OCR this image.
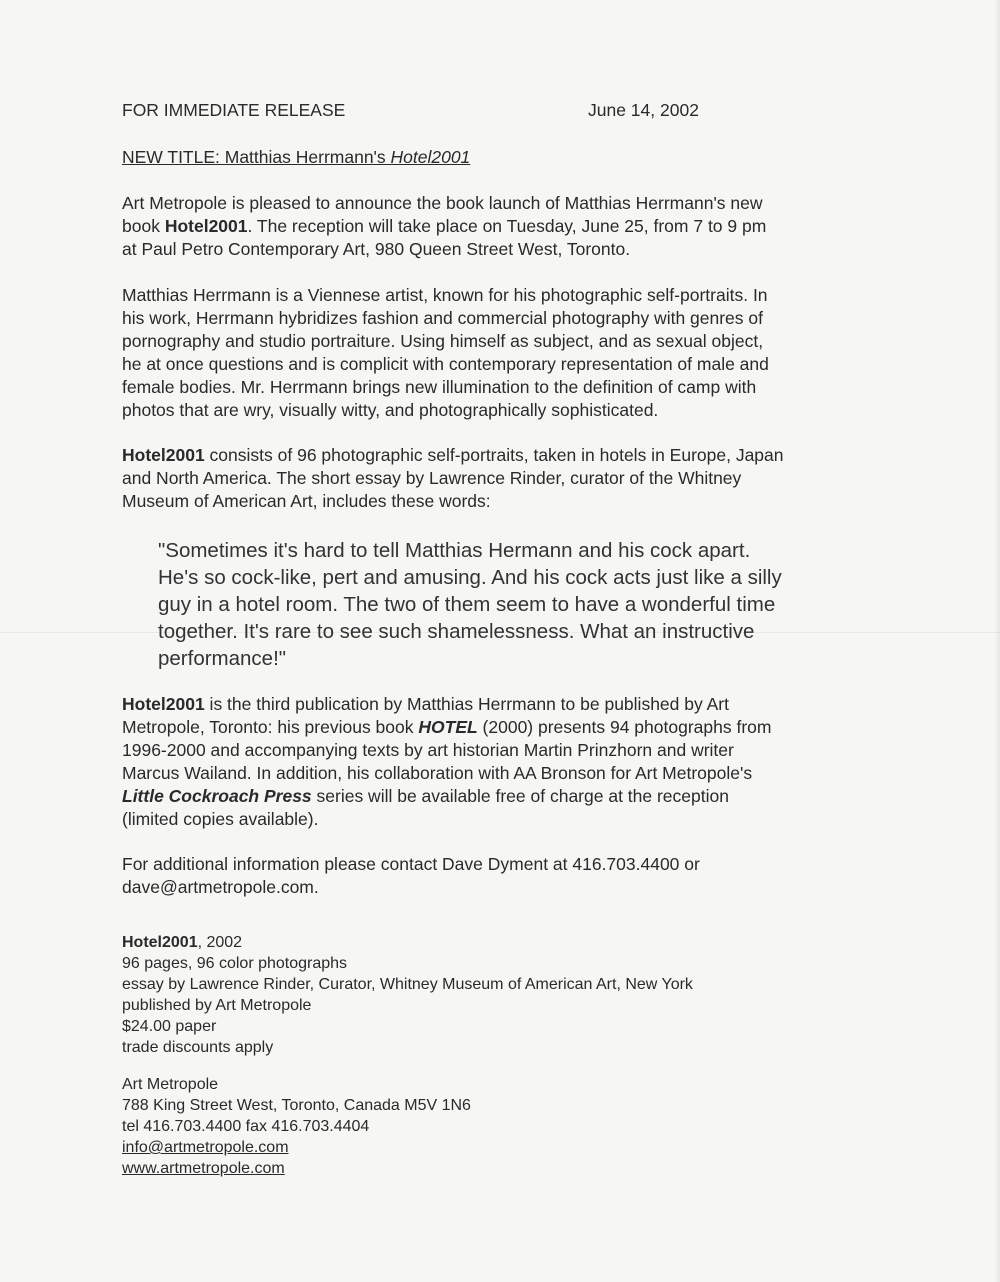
FOR IMMEDIATE RELEASE	June 14, 2002
NEW TITLE: Matthias Herrmann's Hotel2001
Art Metropole is pleased to announce the book launch of Matthias Herrmann's new
book Hotel2001. The reception will take place on Tuesday, June 25, from 7 to 9 pm
at Paul Petro Contemporary Art, 980 Queen Street West, Toronto.
Matthias Herrmann is a Viennese artist, known for his photographic self-portraits. In
his work, Herrmann hybridizes fashion and commercial photography with genres of
pornography and studio portraiture. Using himself as subject, and as sexual object,
he at once questions and is complicit with contemporary representation of male and
female bodies. Mr. Herrmann brings new illumination to the definition of camp with
photos that are wry, visually witty, and photographically sophisticated.
Hotel2001 consists of 96 photographic self-portraits, taken in hotels in Europe, Japan
and North America. The short essay by Lawrence Rinder, curator of the Whitney
Museum of American Art, includes these words:
"Sometimes it's hard to tell Matthias Hermann and his cock apart.
He's so cock-like, pert and amusing. And his cock acts just like a silly
guy in a hotel room. The two of them seem to have a wonderful time
together. It's rare to see such shamelessness. What an instructive
performance!"
Hotel2001 is the third publication by Matthias Herrmann to be published by Art
Metropole, Toronto: his previous book HOTEL (2000) presents 94 photographs from
1996-2000 and accompanying texts by art historian Martin Prinzhorn and writer
Marcus Wailand. In addition, his collaboration with AA Bronson for Art Metropole's
Little Cockroach Press series will be available free of charge at the reception
(limited copies available).
For additional information please contact Dave Dyment at 416.703.4400 or
dave@artmetropole.com.
Hotel2001, 2002
96 pages, 96 color photographs
essay by Lawrence Rinder, Curator, Whitney Museum of American Art, New York
published by Art Metropole
$24.00 paper
trade discounts apply
Art Metropole
788 King Street West, Toronto, Canada M5V 1N6
tel 416.703.4400 fax 416.703.4404
info@artmetropole.com
www.artmetropole.com
